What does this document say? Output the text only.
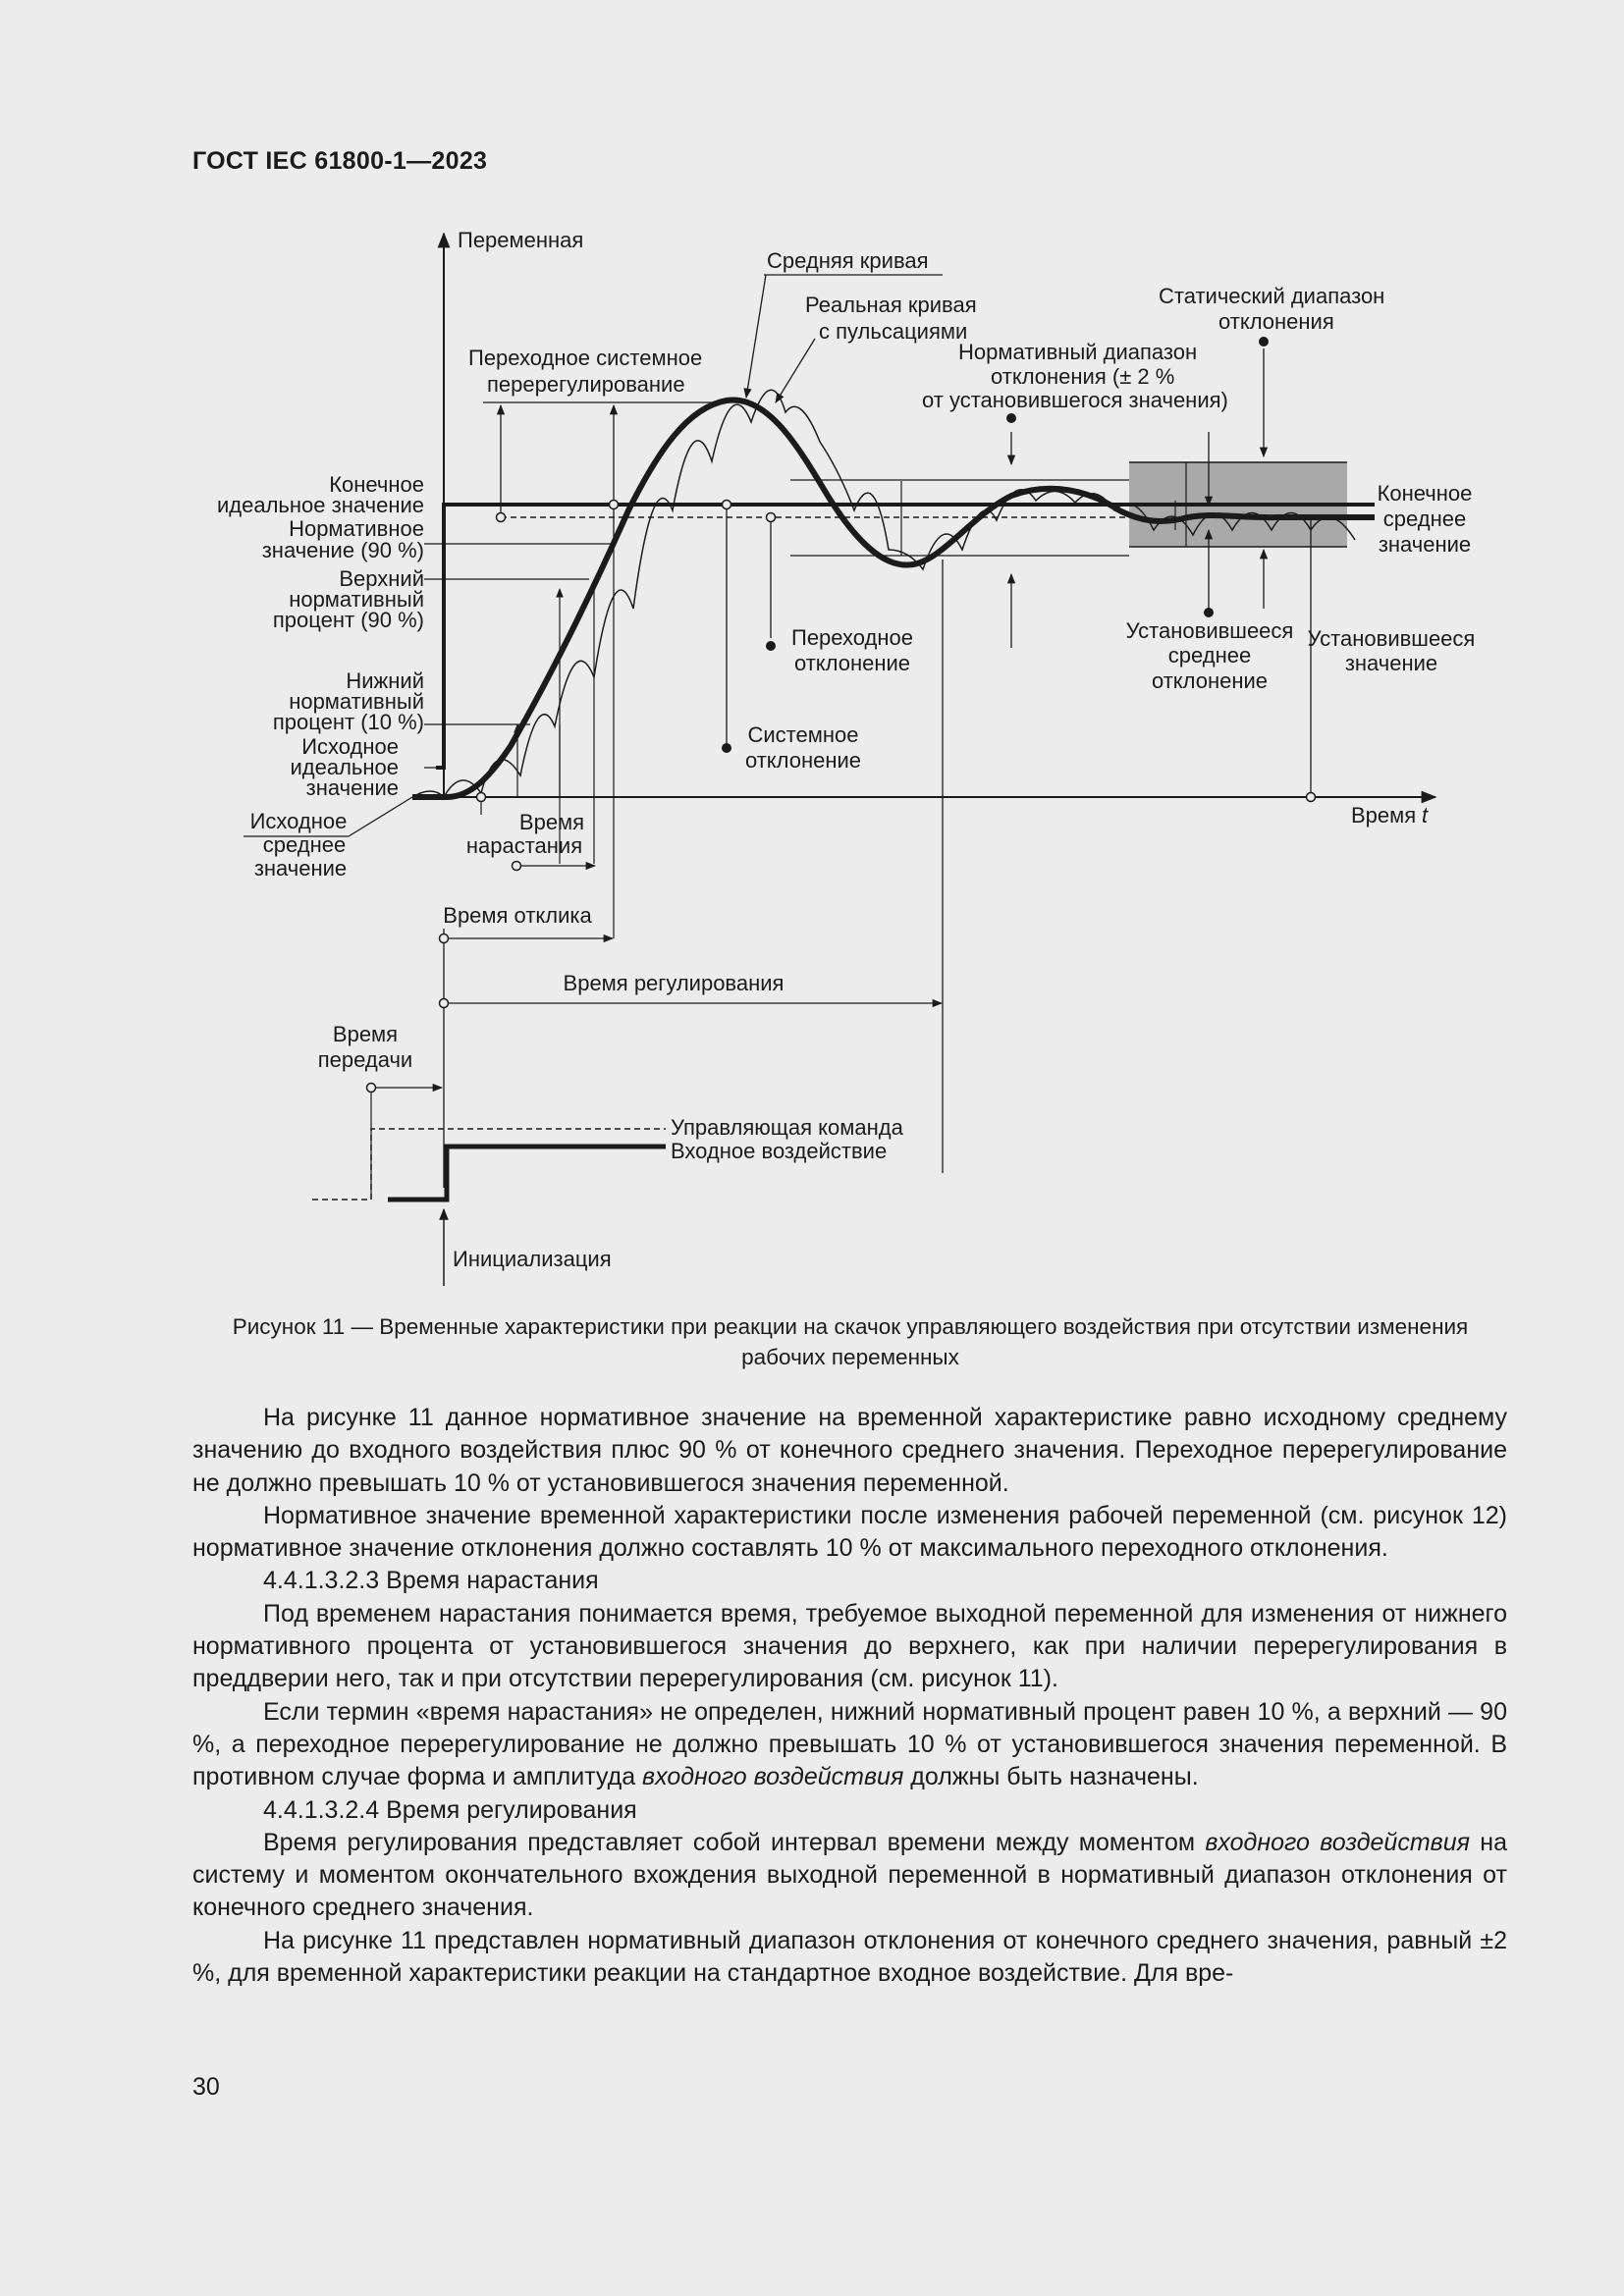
ГОСТ IEC 61800-1—2023
Переменная
Время t
Средняя кривая
Реальная кривая
с пульсациями
Переходное системное
перерегулирование
Нормативный диапазон
отклонения (± 2 %
от установившегося значения)
Статический диапазон
отклонения
Конечное
идеальное значение
Нормативное
значение (90 %)
Верхний
нормативный
процент (90 %)
Нижний
нормативный
процент (10 %)
Исходное
идеальное
значение
Исходное
среднее
значение
Конечное
среднее
значение
Переходное
отклонение
Системное
отклонение
Установившееся
среднее
отклонение
Установившееся
значение
Время
нарастания
Время отклика
Время регулирования
Время
передачи
Управляющая команда
Входное воздействие
Инициализация
Рисунок 11 — Временные характеристики при реакции на скачок управляющего воздействия при отсутствии изменения рабочих переменных

На рисунке 11 данное нормативное значение на временной характеристике равно исходному среднему значению до входного воздействия плюс 90 % от конечного среднего значения. Переходное перерегулирование не должно превышать 10 % от установившегося значения переменной.

Нормативное значение временной характеристики после изменения рабочей переменной (см. рисунок 12) нормативное значение отклонения должно составлять 10 % от максимального переходного отклонения.

4.4.1.3.2.3 Время нарастания

Под временем нарастания понимается время, требуемое выходной переменной для изменения от нижнего нормативного процента от установившегося значения до верхнего, как при наличии перерегулирования в преддверии него, так и при отсутствии перерегулирования (см. рисунок 11).

Если термин «время нарастания» не определен, нижний нормативный процент равен 10 %, а верхний — 90 %, а переходное перерегулирование не должно превышать 10 % от установившегося значения переменной. В противном случае форма и амплитуда входного воздействия должны быть назначены.

4.4.1.3.2.4 Время регулирования

Время регулирования представляет собой интервал времени между моментом входного воздействия на систему и моментом окончательного вхождения выходной переменной в нормативный диапазон отклонения от конечного среднего значения.

На рисунке 11 представлен нормативный диапазон отклонения от конечного среднего значения, равный ±2 %, для временной характеристики реакции на стандартное входное воздействие. Для вре-

30
